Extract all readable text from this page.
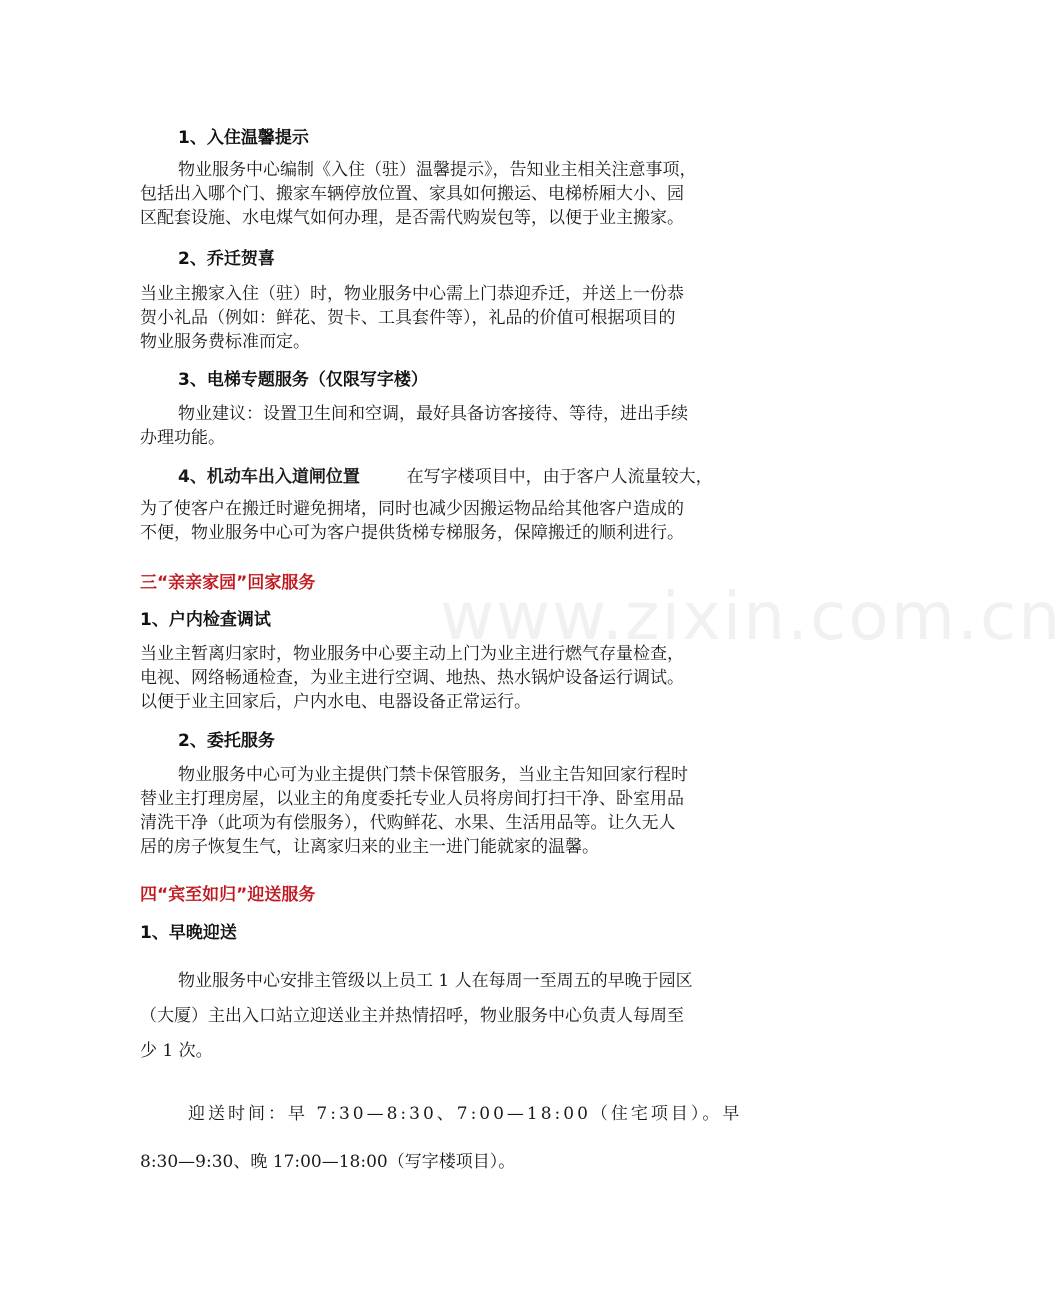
www.zixin.com.cn
1、入住温馨提示
物业服务中心编制《入住（驻）温馨提示》，告知业主相关注意事项，
包括出入哪个门、搬家车辆停放位置、家具如何搬运、电梯桥厢大小、园
区配套设施、水电煤气如何办理，是否需代购炭包等，以便于业主搬家。
2、乔迁贺喜
当业主搬家入住（驻）时，物业服务中心需上门恭迎乔迁，并送上一份恭
贺小礼品（例如：鲜花、贺卡、工具套件等），礼品的价值可根据项目的
物业服务费标准而定。
3、电梯专题服务（仅限写字楼）
物业建议：设置卫生间和空调，最好具备访客接待、等待，进出手续
办理功能。
4、机动车出入道闸位置	在写字楼项目中，由于客户人流量较大，
为了使客户在搬迁时避免拥堵，同时也减少因搬运物品给其他客户造成的
不便，物业服务中心可为客户提供货梯专梯服务，保障搬迁的顺利进行。
三“亲亲家园”回家服务
1、户内检查调试
当业主暂离归家时，物业服务中心要主动上门为业主进行燃气存量检查，
电视、网络畅通检查，为业主进行空调、地热、热水锅炉设备运行调试。
以便于业主回家后，户内水电、电器设备正常运行。
2、委托服务
物业服务中心可为业主提供门禁卡保管服务，当业主告知回家行程时
替业主打理房屋，以业主的角度委托专业人员将房间打扫干净、卧室用品
清洗干净（此项为有偿服务），代购鲜花、水果、生活用品等。让久无人
居的房子恢复生气，让离家归来的业主一进门能就家的温馨。
四“宾至如归”迎送服务
1、早晚迎送
物业服务中心安排主管级以上员工 1 人在每周一至周五的早晚于园区
（大厦）主出入口站立迎送业主并热情招呼，物业服务中心负责人每周至
少 1 次。
迎送时间：早 7:30—8:30、7:00—18:00（住宅项目）。早
8:30—9:30、晚 17:00—18:00（写字楼项目）。
